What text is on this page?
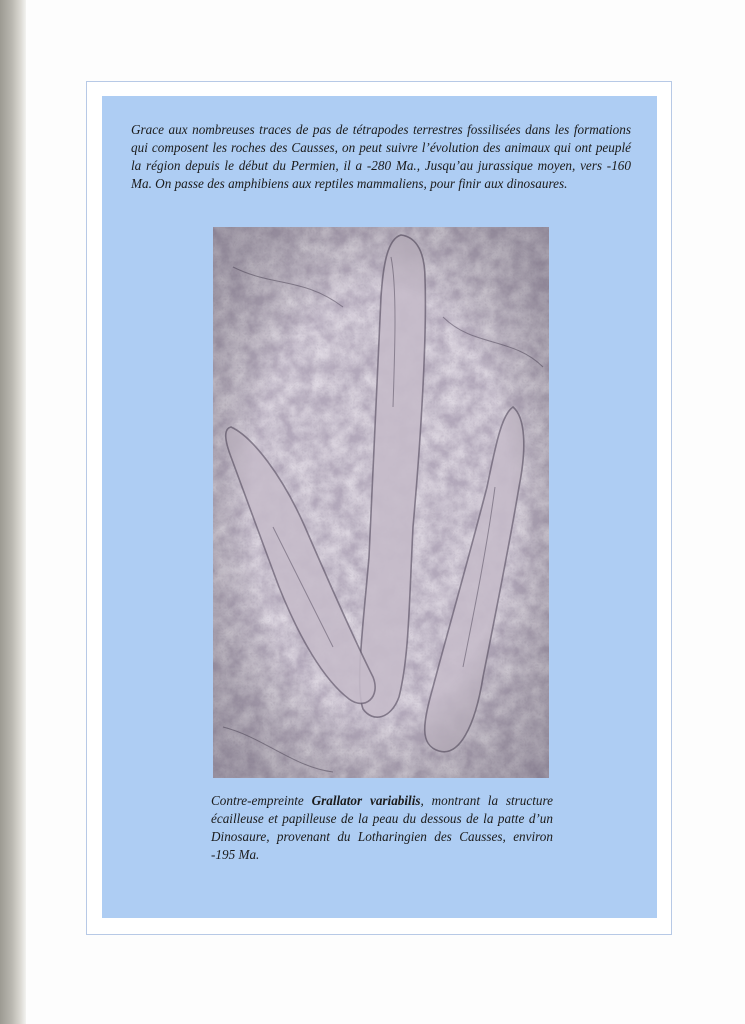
Grace aux nombreuses traces de pas de tétrapodes terrestres fossilisées dans les formations qui composent les roches des Causses, on peut suivre l’évolution des animaux qui ont peuplé la région depuis le début du Permien, il a -280 Ma., Jusqu’au jurassique moyen, vers -160 Ma. On passe des amphibiens aux reptiles mammaliens, pour finir aux dinosaures.

Contre-empreinte Grallator variabilis, montrant la structure écailleuse et papilleuse de la peau du dessous de la patte d’un Dinosaure, provenant du Lotharingien des Causses, environ -195 Ma.
